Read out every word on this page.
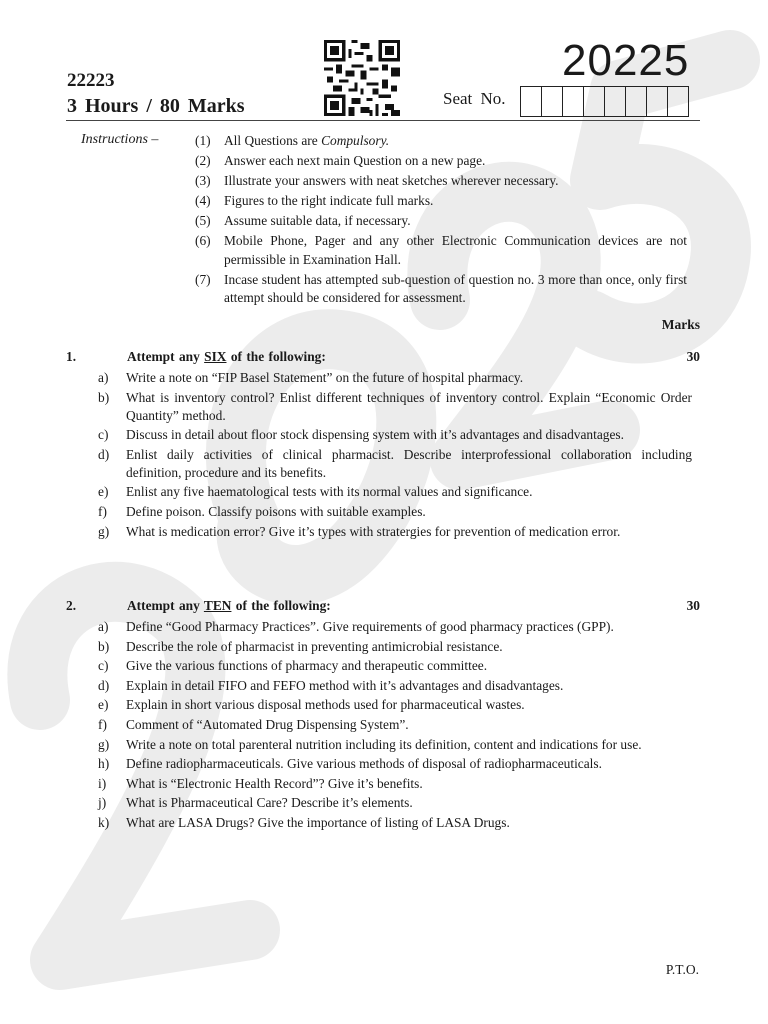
22223
3 Hours / 80 Marks
20225
Seat No.
Instructions –	(1) All Questions are Compulsory.
(2) Answer each next main Question on a new page.
(3) Illustrate your answers with neat sketches wherever necessary.
(4) Figures to the right indicate full marks.
(5) Assume suitable data, if necessary.
(6) Mobile Phone, Pager and any other Electronic Communication devices are not permissible in Examination Hall.
(7) Incase student has attempted sub-question of question no. 3 more than once, only first attempt should be considered for assessment.
Marks
1.	Attempt any SIX of the following:	30
a)	Write a note on “FIP Basel Statement” on the future of hospital pharmacy.
b)	What is inventory control? Enlist different techniques of inventory control. Explain “Economic Order Quantity” method.
c)	Discuss in detail about floor stock dispensing system with it’s advantages and disadvantages.
d)	Enlist daily activities of clinical pharmacist. Describe interprofessional collaboration including definition, procedure and its benefits.
e)	Enlist any five haematological tests with its normal values and significance.
f)	Define poison. Classify poisons with suitable examples.
g)	What is medication error? Give it’s types with stratergies for prevention of medication error.
2.	Attempt any TEN of the following:	30
a)	Define “Good Pharmacy Practices”. Give requirements of good pharmacy practices (GPP).
b)	Describe the role of pharmacist in preventing antimicrobial resistance.
c)	Give the various functions of pharmacy and therapeutic committee.
d)	Explain in detail FIFO and FEFO method with it’s advantages and disadvantages.
e)	Explain in short various disposal methods used for pharmaceutical wastes.
f)	Comment of “Automated Drug Dispensing System”.
g)	Write a note on total parenteral nutrition including its definition, content and indications for use.
h)	Define radiopharmaceuticals. Give various methods of disposal of radiopharmaceuticals.
i)	What is “Electronic Health Record”? Give it’s benefits.
j)	What is Pharmaceutical Care? Describe it’s elements.
k)	What are LASA Drugs? Give the importance of listing of LASA Drugs.
P.T.O.
